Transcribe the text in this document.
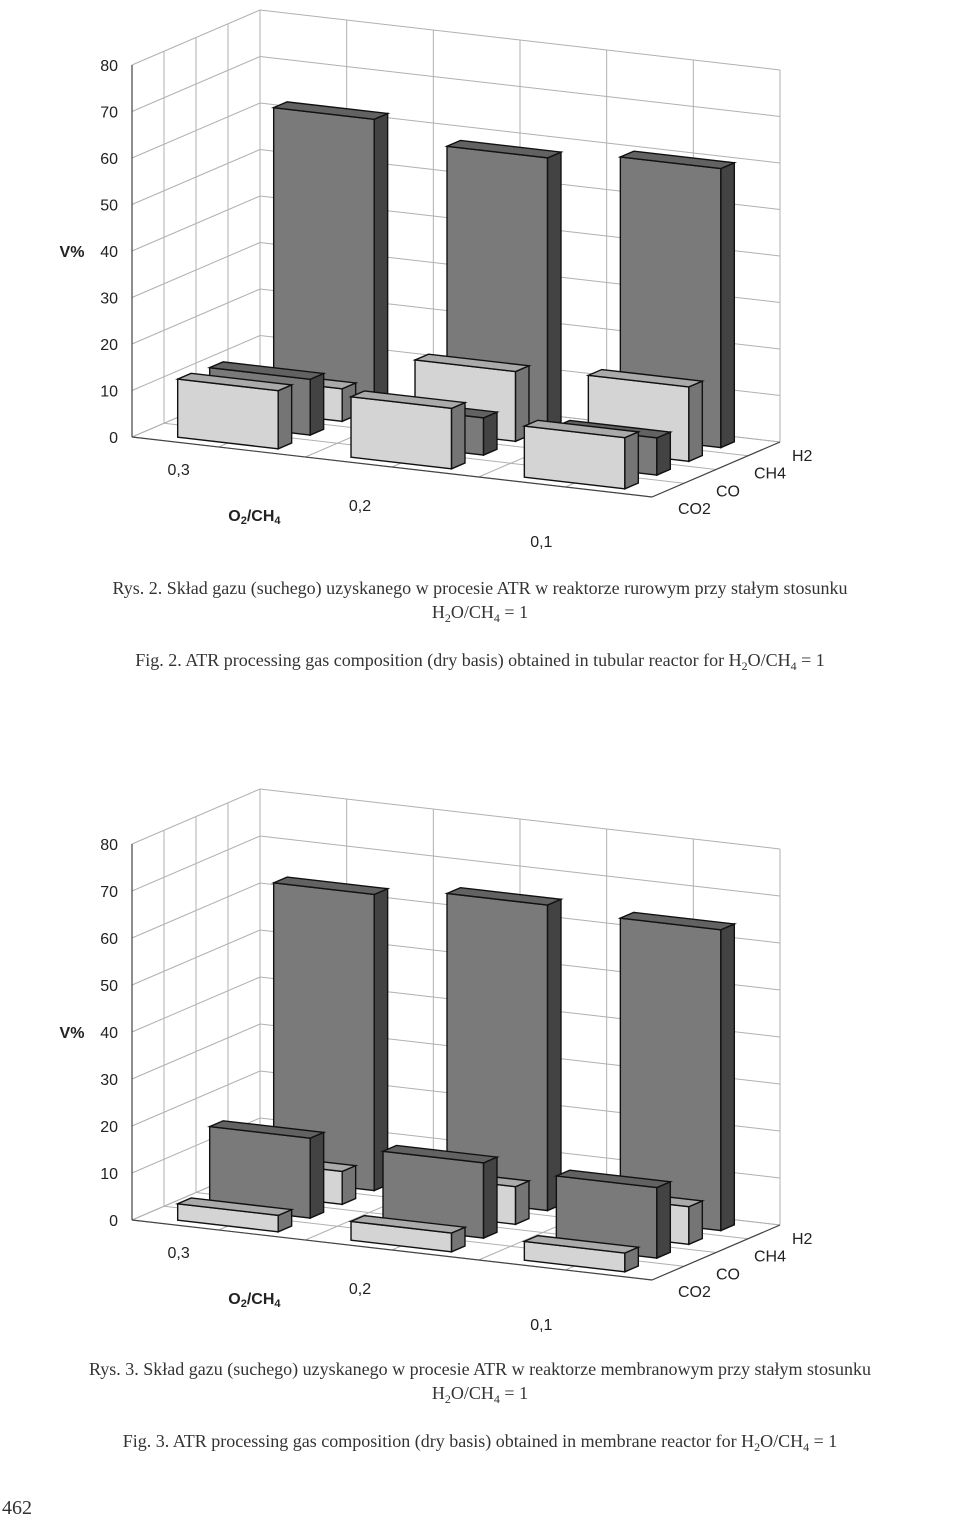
0
10
20
30
40
50
60
70
80
0,3
0,2
0,1
CO2
CO
CH4
H2
V%
O2/CH4
Rys. 2. Skład gazu (suchego) uzyskanego w procesie ATR w reaktorze rurowym przy stałym stosunku
$H_2O/CH_4 = 1$
Fig. 2. ATR processing gas composition (dry basis) obtained in tubular reactor for $H_2O/CH_4 = 1$
0
10
20
30
40
50
60
70
80
0,3
0,2
0,1
CO2
CO
CH4
H2
V%
O2/CH4
Rys. 3. Skład gazu (suchego) uzyskanego w procesie ATR w reaktorze membranowym przy stałym stosunku
$H_2O/CH_4 = 1$
Fig. 3. ATR processing gas composition (dry basis) obtained in membrane reactor for $H_2O/CH_4 = 1$
462
